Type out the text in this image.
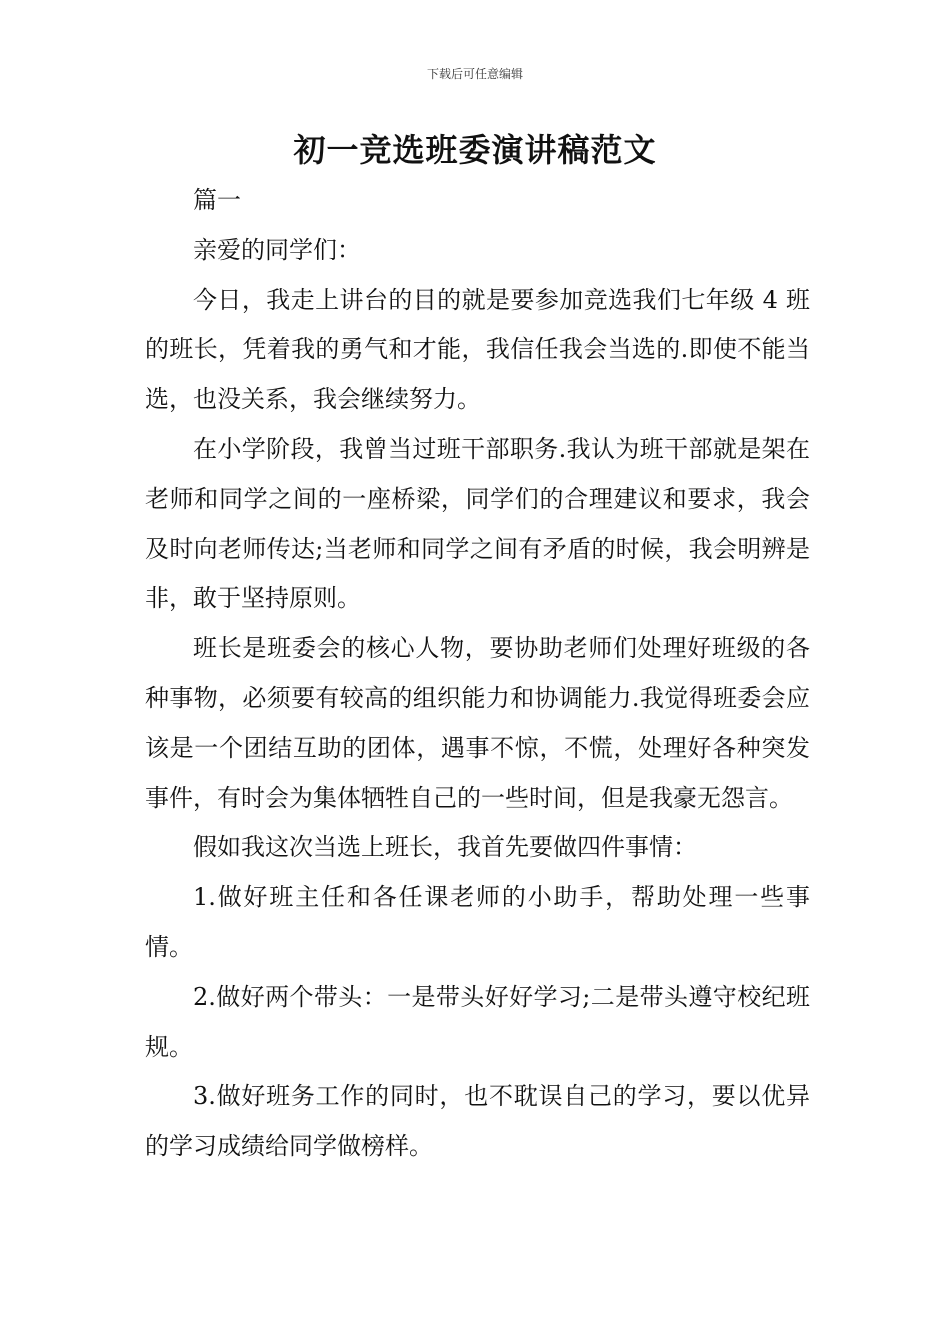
下载后可任意编辑
初一竞选班委演讲稿范文

篇一

亲爱的同学们：

今日，我走上讲台的目的就是要参加竞选我们七年级 4 班的班长，凭着我的勇气和才能，我信任我会当选的.即使不能当选，也没关系，我会继续努力。

在小学阶段，我曾当过班干部职务.我认为班干部就是架在老师和同学之间的一座桥梁，同学们的合理建议和要求，我会及时向老师传达;当老师和同学之间有矛盾的时候，我会明辨是非，敢于坚持原则。

班长是班委会的核心人物，要协助老师们处理好班级的各种事物，必须要有较高的组织能力和协调能力.我觉得班委会应该是一个团结互助的团体，遇事不惊，不慌，处理好各种突发事件，有时会为集体牺牲自己的一些时间，但是我豪无怨言。

假如我这次当选上班长，我首先要做四件事情：

1.做好班主任和各任课老师的小助手，帮助处理一些事情。

2.做好两个带头：一是带头好好学习;二是带头遵守校纪班规。

3.做好班务工作的同时，也不耽误自己的学习，要以优异的学习成绩给同学做榜样。
